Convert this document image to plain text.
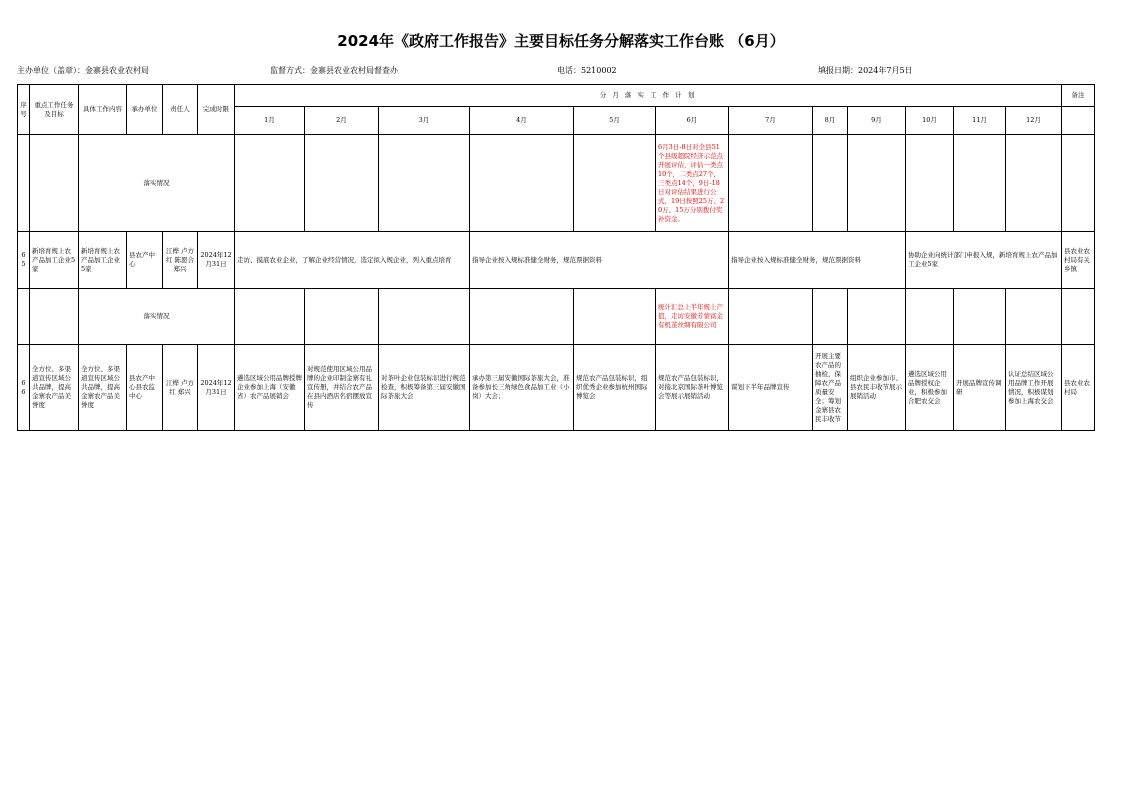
2024年《政府工作报告》主要目标任务分解落实工作台账 （6月）
主办单位（盖章）：金寨县农业农村局	监督方式：金寨县农业农村局督查办	电话：5210002	填报日期：2024年7月5日
序号	重点工作任务及目标	具体工作内容	承办单位	责任人	完成时限	分 月 落 实 工 作 计 划												备注
						1月	2月	3月	4月	5月	6月	7月	8月	9月	10月	11月	12月	
		落实情况									6月3日-8日对全县51个县级超院经济示范点开展评估，评估一类点10个，二类点27个，三类点14个，9日-18日对评估结果进行公式，19日按照25万、20万、15万分别拨付奖补资金。							
65	新培育规上农产品加工企业5家	新培育规上农产品加工企业5家	县农产中心	江桦 卢方红 陈愿合 郑兴	2024年12月31日	走访、摸底农业企业，了解企业经营情况，选定拟入规企业，列入重点培育			指导企业按入规标准健全财务，规范票据资料			指导企业按入规标准健全财务，规范票据资料			协助企业向统计部门申报入规，新培育规上农产品加工企业5家			县农业农村局有关乡镇
		落实情况									统计汇总上半年规上产值，走访安徽芳蒙富金有机茧丝绸有限公司							
66	全方位、多渠道宣传区域公共品牌，提高金寨农产品美誉度	全方位、多渠道宣传区域公共品牌，提高金寨农产品美誉度	县农产中心县农监中心	江桦 卢方红 郑兴	2024年12月31日	遴选区域公用品牌授牌企业参加上海（安徽省）农产品展销会	对规范使用区域公用品牌的企业印制金寨有礼宣传册，并结合农产品在县内酒店名宿摆放宣传	对茶叶企业包装标识进行规范检查，积极筹备第三届安徽国际茶旅大会	承办第三届安徽国际茶旅大会，准备参加长三角绿色食品加工业（小岗）大会；	规范农产品包装标识，组织优秀企业参加杭州国际博览会	规范农产品包装标识，对接北京国际茶叶博览会等展示展销活动	谋划下半年品牌宣传	开展主要农产品的抽检，保障农产品质量安全；筹划金寨县农民丰收节	组织企业参加市、县农民丰收节展示展销活动	遴选区域公用品牌授权企业，积极参加合肥农交会	开展品牌宣传调研	认证总结区域公用品牌工作开展情况，积极谋划参加上海农交会	县农业农村局
